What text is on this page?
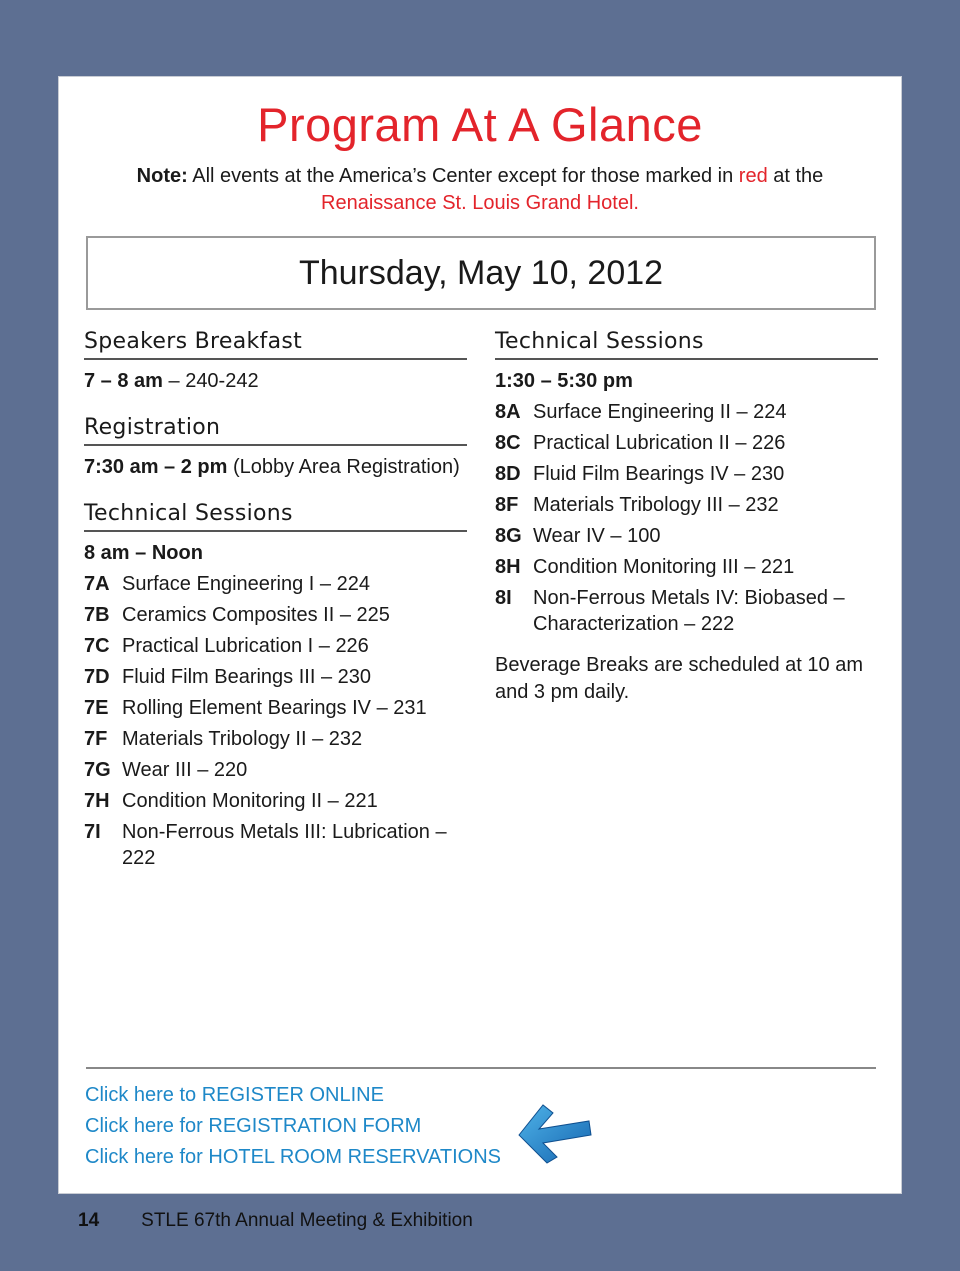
Program At A Glance
Note: All events at the America’s Center except for those marked in red at the
Renaissance St. Louis Grand Hotel.
Thursday, May 10, 2012
Speakers Breakfast
7 – 8 am – 240-242
Registration
7:30 am – 2 pm (Lobby Area Registration)
Technical Sessions
8 am – Noon
7A Surface Engineering I – 224
7B Ceramics Composites II – 225
7C Practical Lubrication I – 226
7D Fluid Film Bearings III – 230
7E Rolling Element Bearings IV – 231
7F Materials Tribology II – 232
7G Wear III – 220
7H Condition Monitoring II – 221
7I	Non-Ferrous Metals III: Lubrication – 222
Technical Sessions
1:30 – 5:30 pm
8A Surface Engineering II – 224
8C Practical Lubrication II – 226
8D Fluid Film Bearings IV – 230
8F Materials Tribology III – 232
8G Wear IV – 100
8H Condition Monitoring III – 221
8I	Non-Ferrous Metals IV: Biobased – Characterization – 222
Beverage Breaks are scheduled at 10 am and 3 pm daily.
Click here to REGISTER ONLINE
Click here for REGISTRATION FORM
Click here for HOTEL ROOM RESERVATIONS
14 STLE 67th Annual Meeting & Exhibition
